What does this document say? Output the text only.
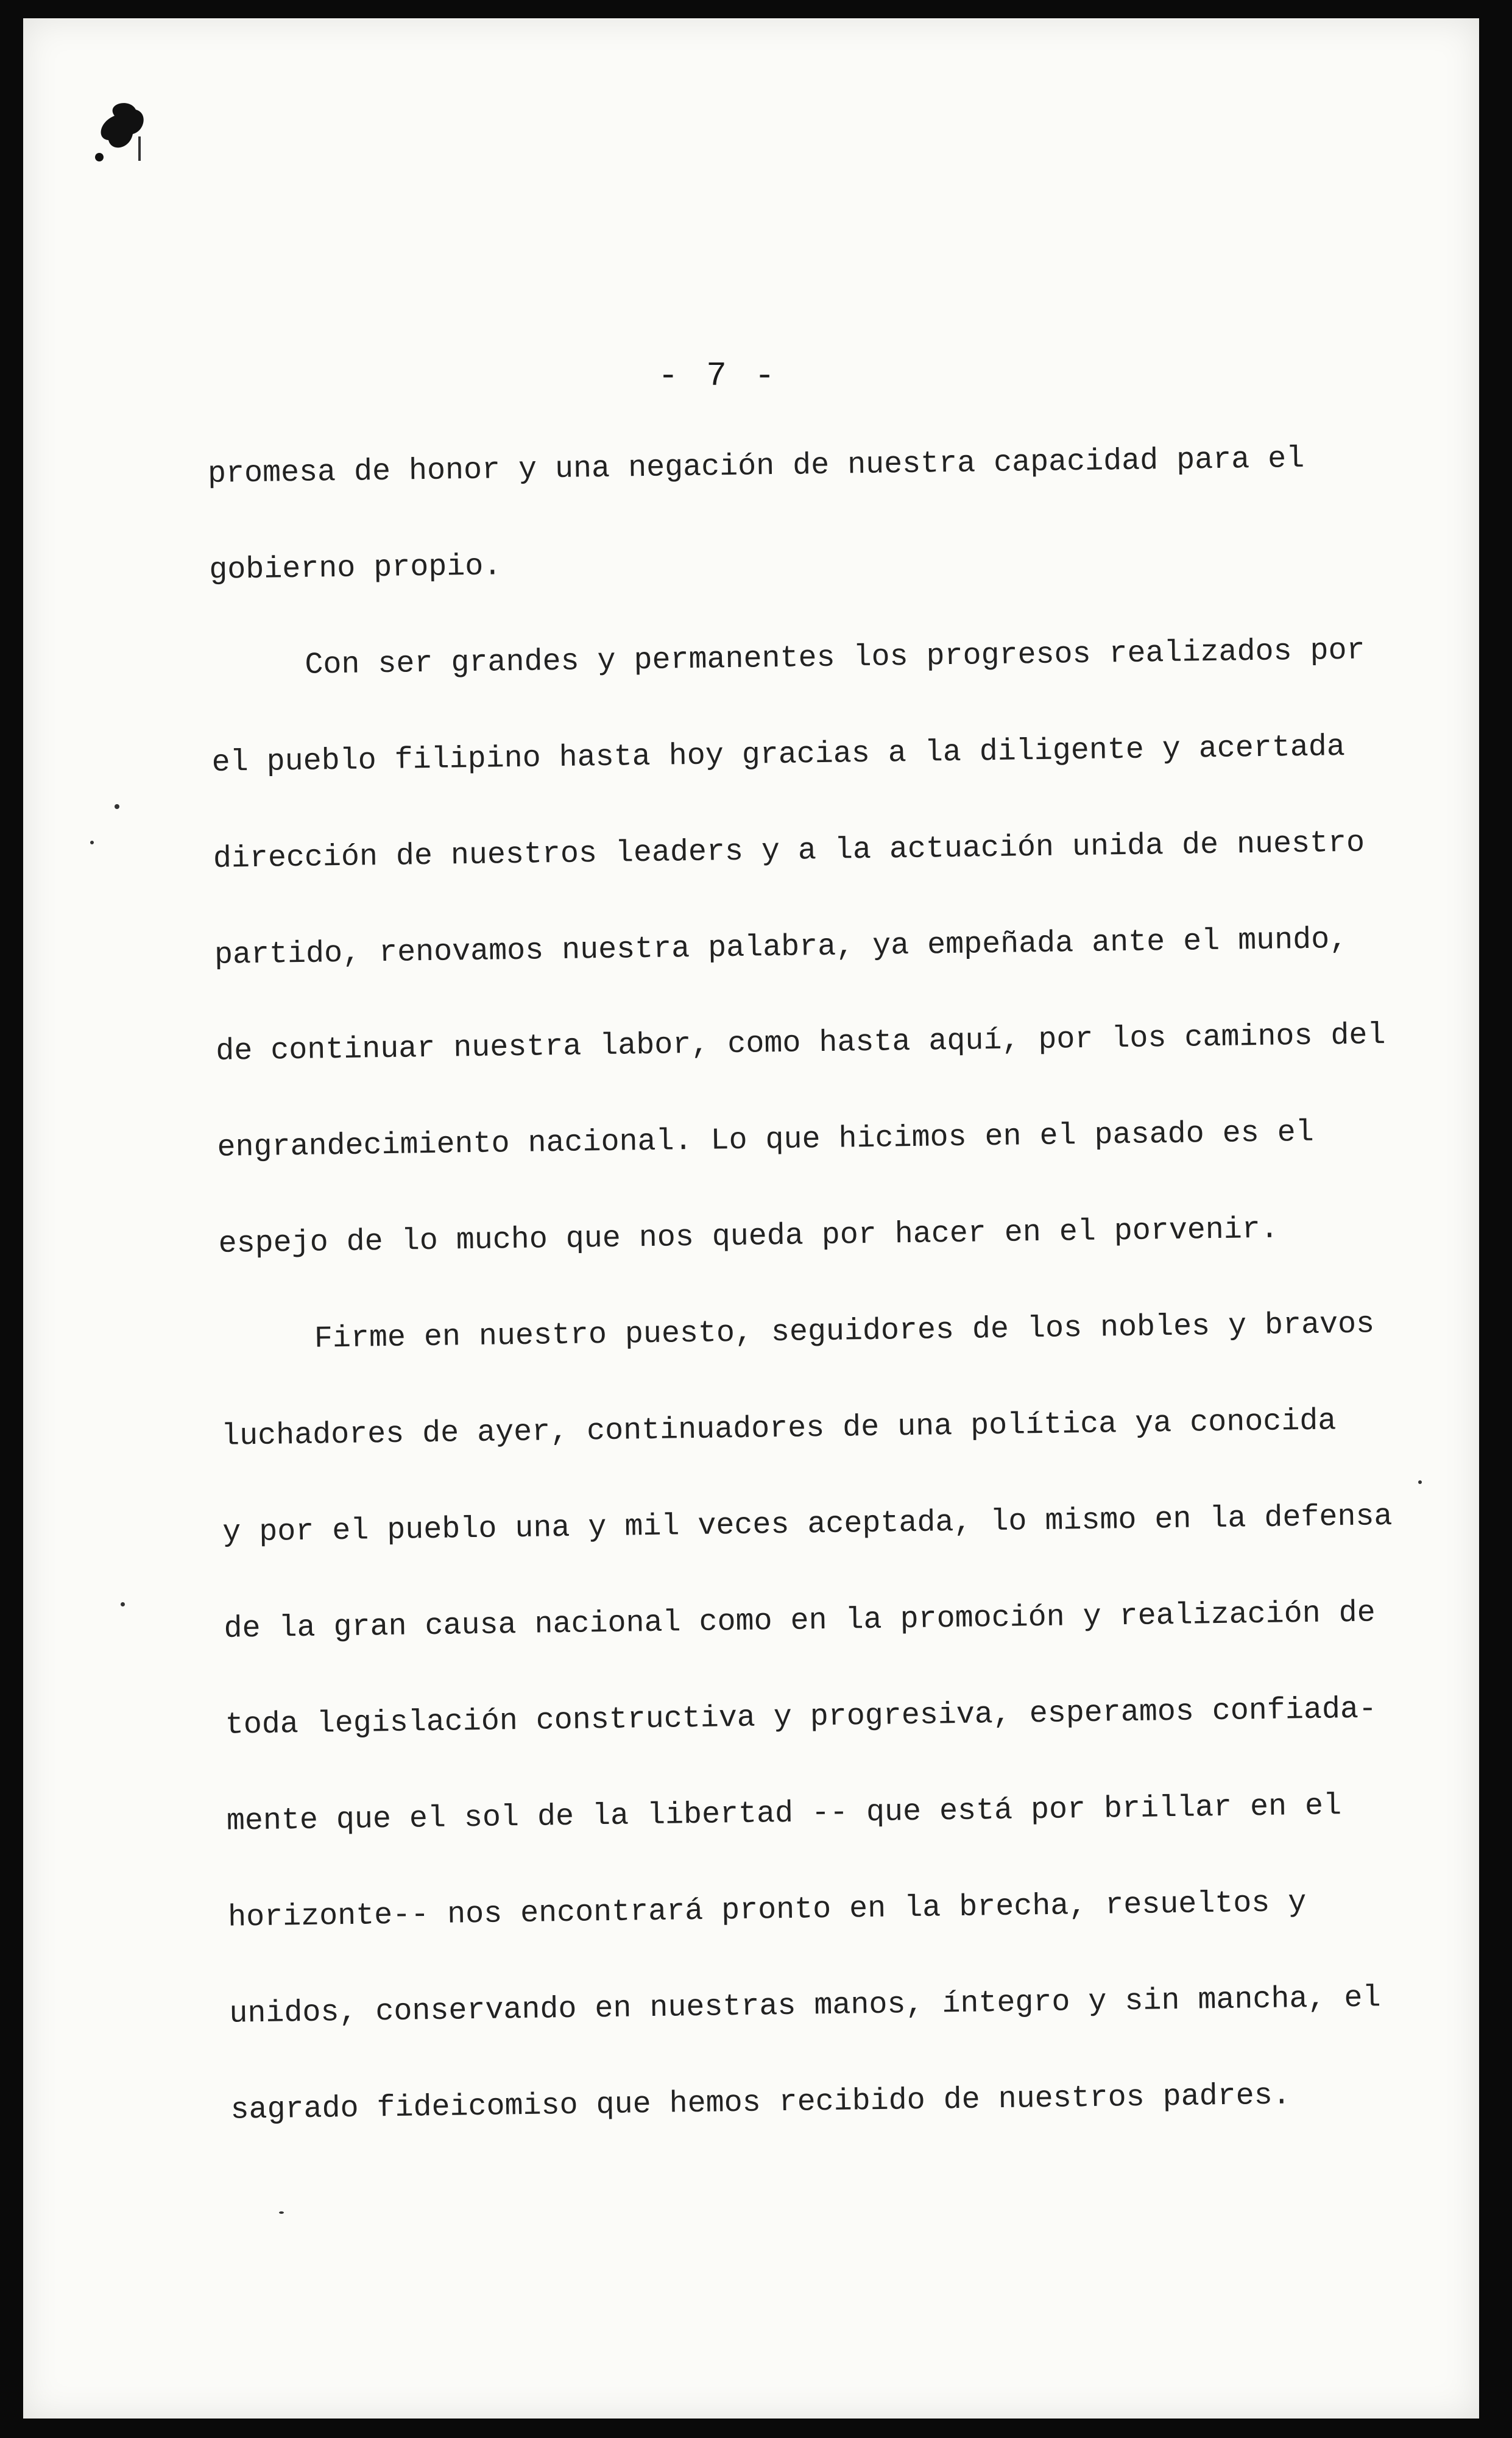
- 7 -
promesa de honor y una negación de nuestra capacidad para el
gobierno propio.
Con ser grandes y permanentes los progresos realizados por
el pueblo filipino hasta hoy gracias a la diligente y acertada
dirección de nuestros leaders y a la actuación unida de nuestro
partido, renovamos nuestra palabra, ya empeñada ante el mundo,
de continuar nuestra labor, como hasta aquí, por los caminos del
engrandecimiento nacional. Lo que hicimos en el pasado es el
espejo de lo mucho que nos queda por hacer en el porvenir.
Firme en nuestro puesto, seguidores de los nobles y bravos
luchadores de ayer, continuadores de una política ya conocida
y por el pueblo una y mil veces aceptada, lo mismo en la defensa
de la gran causa nacional como en la promoción y realización de
toda legislación constructiva y progresiva, esperamos confiada-
mente que el sol de la libertad -- que está por brillar en el
horizonte-- nos encontrará pronto en la brecha, resueltos y
unidos, conservando en nuestras manos, íntegro y sin mancha, el
sagrado fideicomiso que hemos recibido de nuestros padres.
